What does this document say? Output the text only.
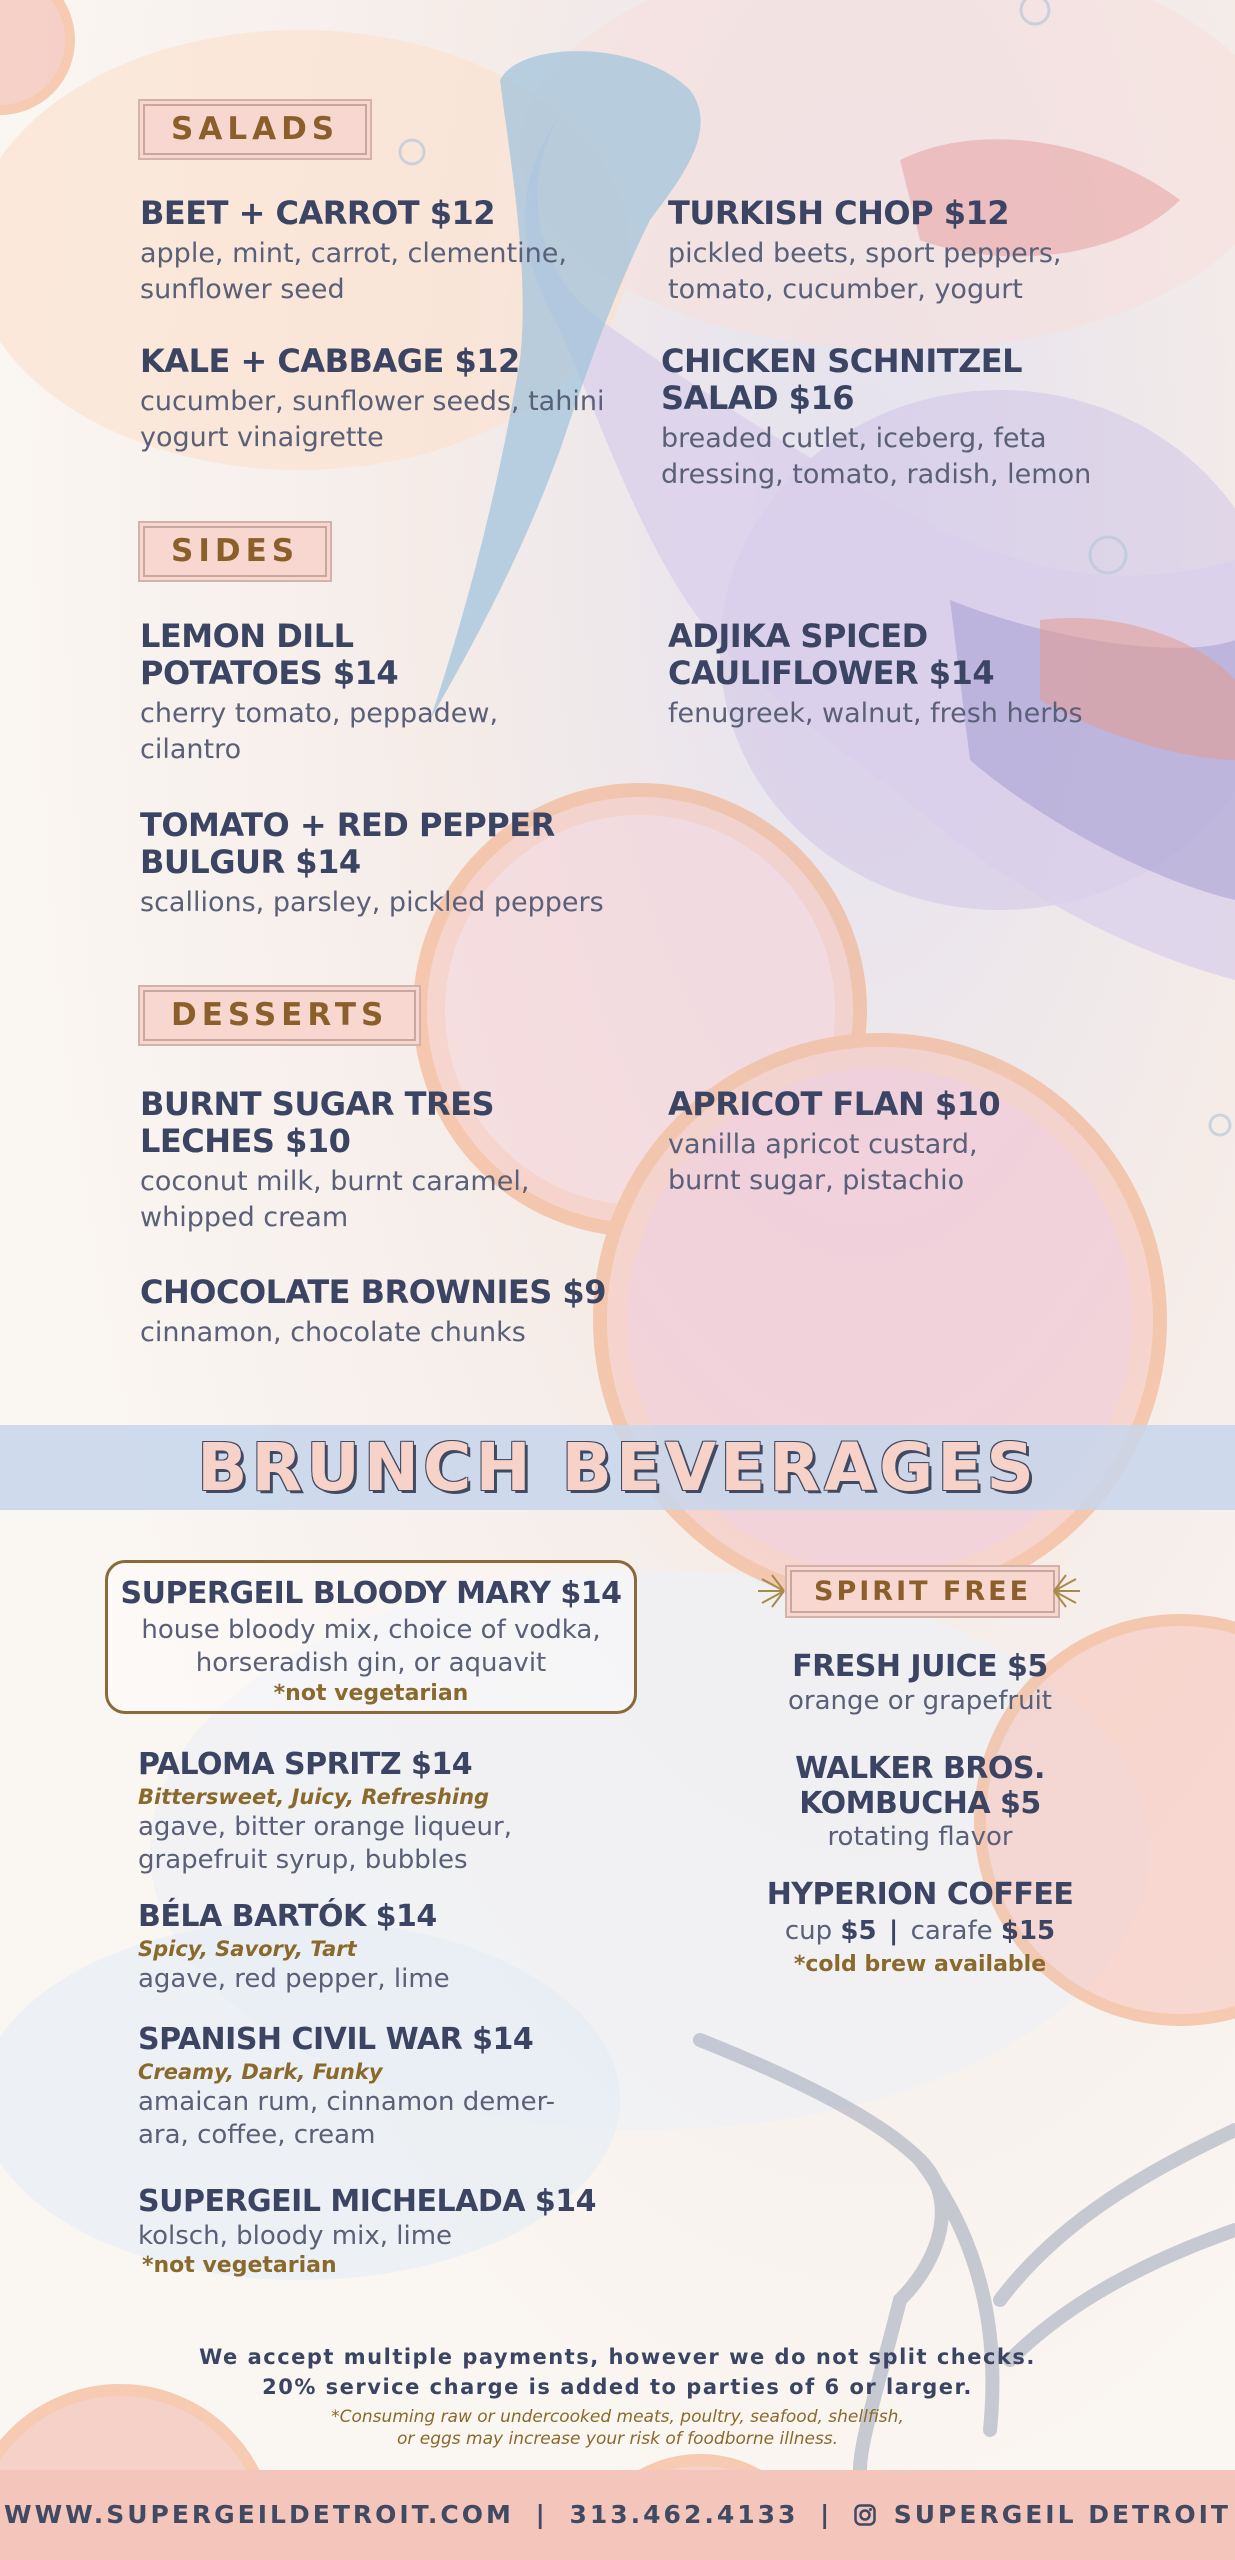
SALADS
BEET + CARROT $12
apple, mint, carrot, clementine, sunflower seed
TURKISH CHOP $12
pickled beets, sport peppers, tomato, cucumber, yogurt
KALE + CABBAGE $12
cucumber, sunflower seeds, tahini yogurt vinaigrette
CHICKEN SCHNITZEL SALAD $16
breaded cutlet, iceberg, feta dressing, tomato, radish, lemon
SIDES
LEMON DILL POTATOES $14
cherry tomato, peppadew, cilantro
ADJIKA SPICED CAULIFLOWER $14
fenugreek, walnut, fresh herbs
TOMATO + RED PEPPER BULGUR $14
scallions, parsley, pickled peppers
DESSERTS
BURNT SUGAR TRES LECHES $10
coconut milk, burnt caramel, whipped cream
APRICOT FLAN $10
vanilla apricot custard, burnt sugar, pistachio
CHOCOLATE BROWNIES $9
cinnamon, chocolate chunks
BRUNCH BEVERAGES
SUPERGEIL BLOODY MARY $14
house bloody mix, choice of vodka, horseradish gin, or aquavit
*not vegetarian
PALOMA SPRITZ $14
Bittersweet, Juicy, Refreshing
agave, bitter orange liqueur, grapefruit syrup, bubbles
BÉLA BARTÓK $14
Spicy, Savory, Tart
agave, red pepper, lime
SPANISH CIVIL WAR $14
Creamy, Dark, Funky
amaican rum, cinnamon demer-ara, coffee, cream
SUPERGEIL MICHELADA $14
kolsch, bloody mix, lime
*not vegetarian
SPIRIT FREE
FRESH JUICE $5
orange or grapefruit
WALKER BROS. KOMBUCHA $5
rotating flavor
HYPERION COFFEE
cup $5 | carafe $15
*cold brew available
We accept multiple payments, however we do not split checks.
20% service charge is added to parties of 6 or larger.
*Consuming raw or undercooked meats, poultry, seafood, shellfish,
or eggs may increase your risk of foodborne illness.
WWW.SUPERGEILDETROIT.COM | 313.462.4133 | SUPERGEIL DETROIT
